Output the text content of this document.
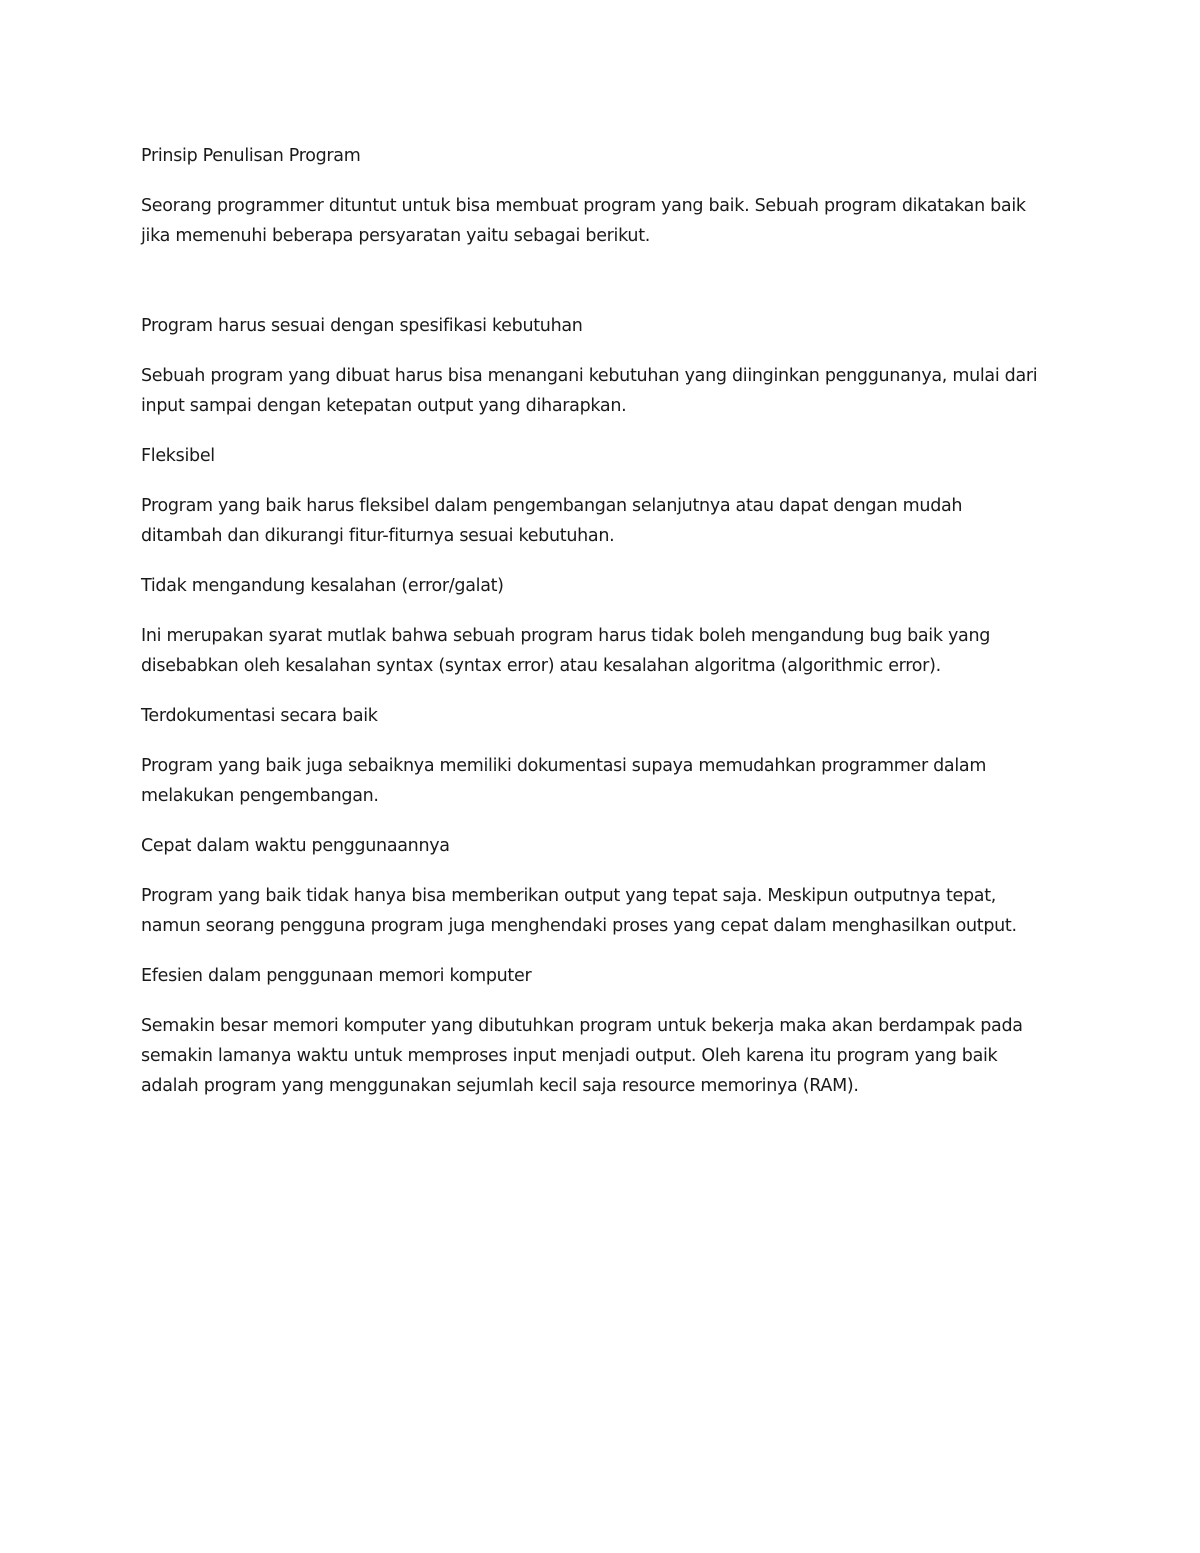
Prinsip Penulisan Program

Seorang programmer dituntut untuk bisa membuat program yang baik. Sebuah program dikatakan baik

jika memenuhi beberapa persyaratan yaitu sebagai berikut.

Program harus sesuai dengan spesifikasi kebutuhan

Sebuah program yang dibuat harus bisa menangani kebutuhan yang diinginkan penggunanya, mulai dari

input sampai dengan ketepatan output yang diharapkan.

Fleksibel

Program yang baik harus fleksibel dalam pengembangan selanjutnya atau dapat dengan mudah

ditambah dan dikurangi fitur-fiturnya sesuai kebutuhan.

Tidak mengandung kesalahan (error/galat)

Ini merupakan syarat mutlak bahwa sebuah program harus tidak boleh mengandung bug baik yang

disebabkan oleh kesalahan syntax (syntax error) atau kesalahan algoritma (algorithmic error).

Terdokumentasi secara baik

Program yang baik juga sebaiknya memiliki dokumentasi supaya memudahkan programmer dalam

melakukan pengembangan.

Cepat dalam waktu penggunaannya

Program yang baik tidak hanya bisa memberikan output yang tepat saja. Meskipun outputnya tepat,

namun seorang pengguna program juga menghendaki proses yang cepat dalam menghasilkan output.

Efesien dalam penggunaan memori komputer

Semakin besar memori komputer yang dibutuhkan program untuk bekerja maka akan berdampak pada

semakin lamanya waktu untuk memproses input menjadi output. Oleh karena itu program yang baik

adalah program yang menggunakan sejumlah kecil saja resource memorinya (RAM).
